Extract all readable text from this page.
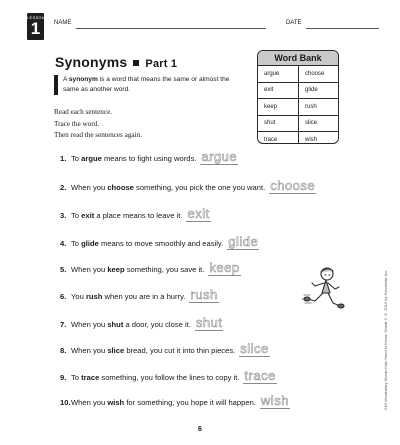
LESSON
1	NAME	DATE
Synonyms Part 1
A synonym is a word that means the same or almost the same as another word.
Read each sentence.
Trace the word.
Then read the sentences again.
Word Bank
argue	choose
exit	glide
keep	rush
shut	slice
trace	wish
1. To argue means to fight using words. argue
2. When you choose something, you pick the one you want. choose
3. To exit a place means to leave it. exit
4. To glide means to move smoothly and easily. glide
5. When you keep something, you save it. keep
6. You rush when you are in a hurry. rush
7. When you shut a door, you close it. shut
8. When you slice bread, you cut it into thin pieces. slice
9. To trace something, you follow the lines to copy it. trace
10.When you wish for something, you hope it will happen. wish	240 Vocabulary Words Kids Need to Know: Grade 2 © 2012 by Scholastic Inc.
6
